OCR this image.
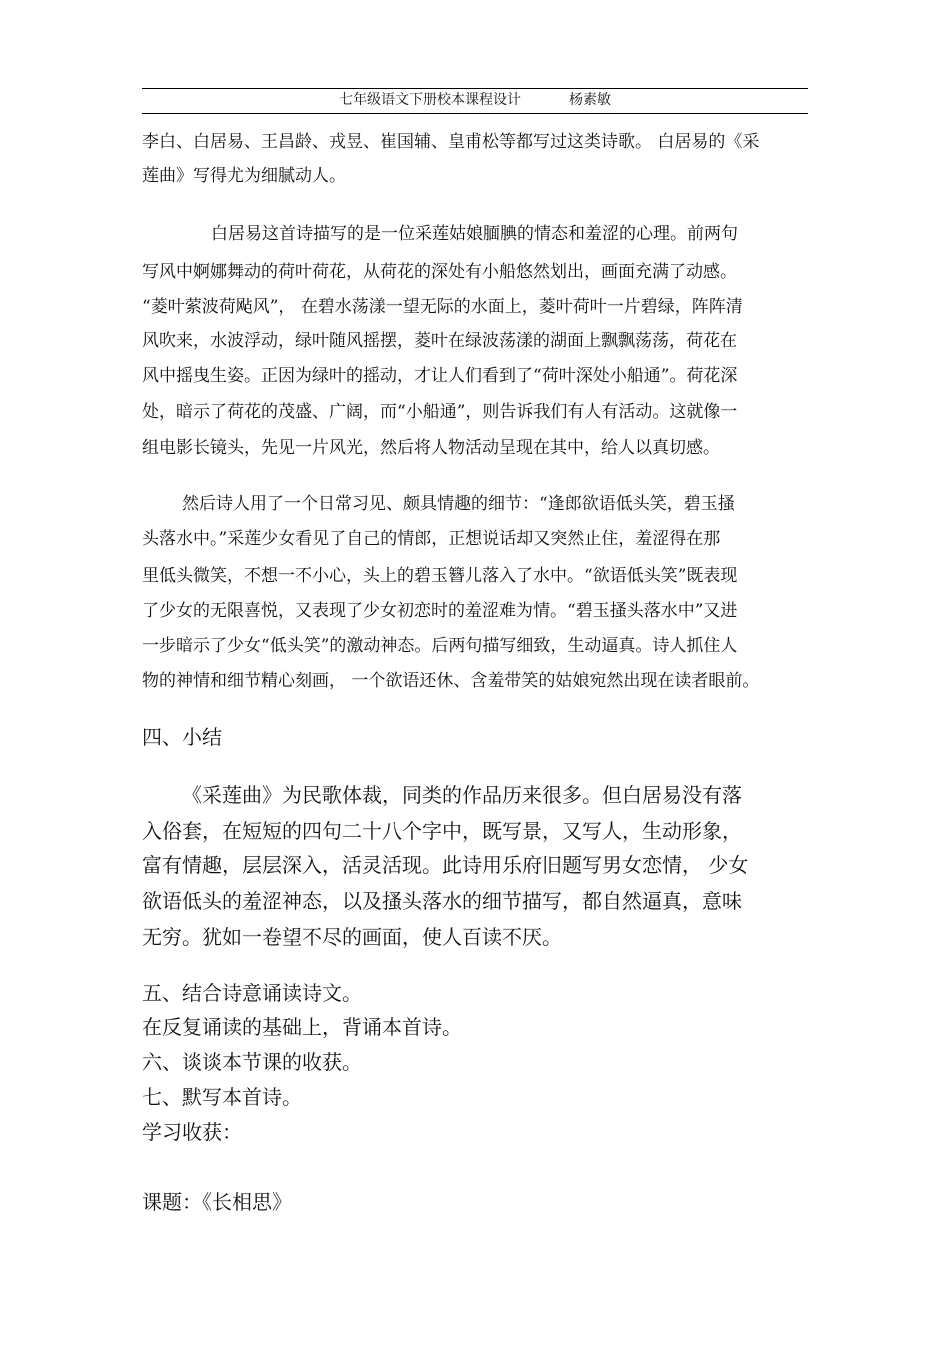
七年级语文下册校本课程设计	杨素敏
李白、白居易、王昌龄、戎昱、崔国辅、皇甫松等都写过这类诗歌。 白居易的《采
莲曲》写得尤为细腻动人。
白居易这首诗描写的是一位采莲姑娘腼腆的情态和羞涩的心理。前两句
写风中婀娜舞动的荷叶荷花，从荷花的深处有小船悠然划出，画面充满了动感。
“菱叶萦波荷飐风”， 在碧水荡漾一望无际的水面上，菱叶荷叶一片碧绿，阵阵清
风吹来，水波浮动，绿叶随风摇摆，菱叶在绿波荡漾的湖面上飘飘荡荡，荷花在
风中摇曳生姿。正因为绿叶的摇动，才让人们看到了“荷叶深处小船通”。荷花深
处，暗示了荷花的茂盛、广阔，而“小船通”，则告诉我们有人有活动。这就像一
组电影长镜头，先见一片风光，然后将人物活动呈现在其中，给人以真切感。
然后诗人用了一个日常习见、颇具情趣的细节：“逢郎欲语低头笑，碧玉搔
头落水中。”采莲少女看见了自己的情郎，正想说话却又突然止住，羞涩得在那
里低头微笑，不想一不小心，头上的碧玉簪儿落入了水中。“欲语低头笑”既表现
了少女的无限喜悦，又表现了少女初恋时的羞涩难为情。“碧玉搔头落水中”又进
一步暗示了少女“低头笑”的激动神态。后两句描写细致，生动逼真。诗人抓住人
物的神情和细节精心刻画， 一个欲语还休、含羞带笑的姑娘宛然出现在读者眼前。
四、小结
《采莲曲》为民歌体裁，同类的作品历来很多。但白居易没有落
入俗套，在短短的四句二十八个字中，既写景，又写人，生动形象，
富有情趣，层层深入，活灵活现。此诗用乐府旧题写男女恋情， 少女
欲语低头的羞涩神态，以及搔头落水的细节描写，都自然逼真，意味
无穷。犹如一卷望不尽的画面，使人百读不厌。
五、结合诗意诵读诗文。
在反复诵读的基础上，背诵本首诗。
六、谈谈本节课的收获。
七、默写本首诗。
学习收获：
课题：《长相思》
